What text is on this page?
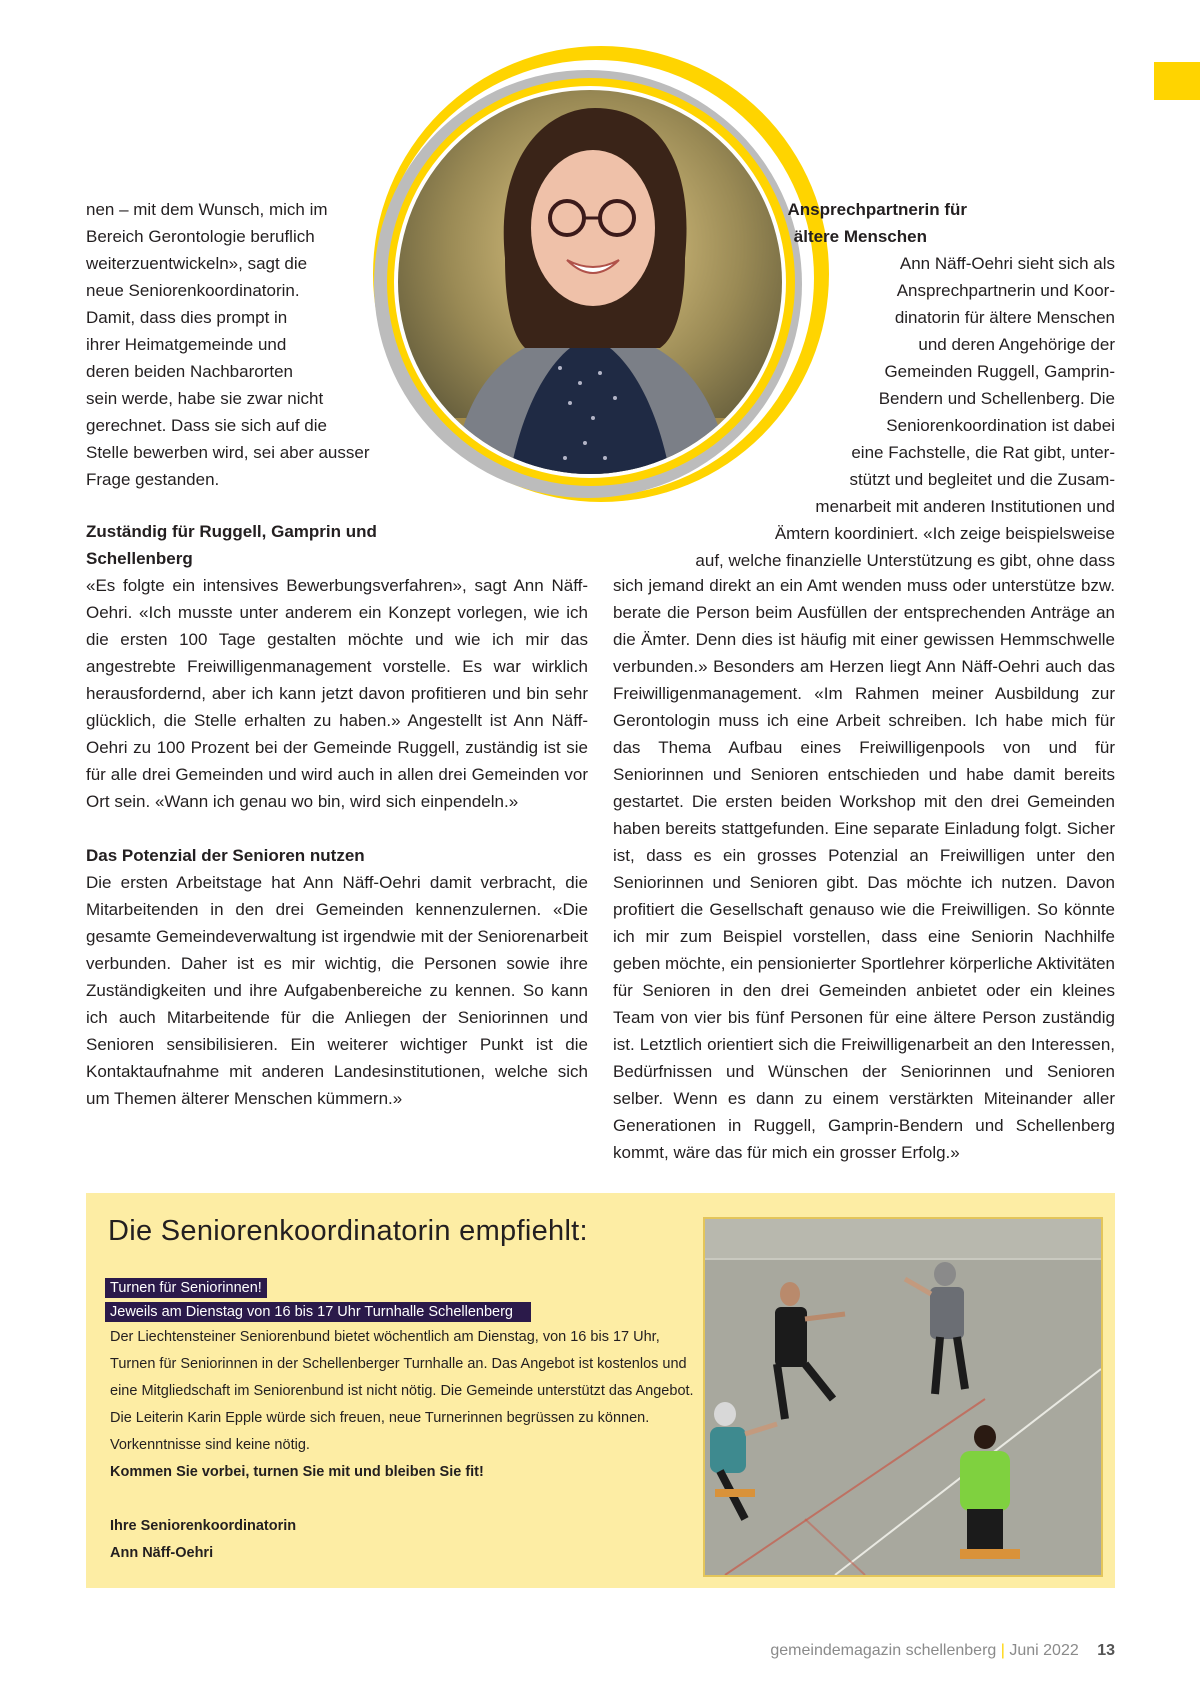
nen – mit dem Wunsch, mich im
Bereich Gerontologie beruflich
weiterzuentwickeln», sagt die
neue Seniorenkoordinatorin.
Damit, dass dies prompt in
ihrer Heimatgemeinde und
deren beiden Nachbarorten
sein werde, habe sie zwar nicht
gerechnet. Dass sie sich auf die
Stelle bewerben wird, sei aber ausser
Frage gestanden.

Zuständig für Ruggell, Gamprin und
Schellenberg

«Es folgte ein intensives Bewerbungsverfahren», sagt Ann Näff-Oehri. «Ich musste unter anderem ein Konzept vorlegen, wie ich die ersten 100 Tage gestalten möchte und wie ich mir das angestrebte Freiwilligenmanagement vorstelle. Es war wirklich herausfordernd, aber ich kann jetzt davon profitieren und bin sehr glücklich, die Stelle erhalten zu haben.» Angestellt ist Ann Näff-Oehri zu 100 Prozent bei der Gemeinde Ruggell, zuständig ist sie für alle drei Gemeinden und wird auch in allen drei Gemeinden vor Ort sein. «Wann ich genau wo bin, wird sich einpendeln.»

Das Potenzial der Senioren nutzen

Die ersten Arbeitstage hat Ann Näff-Oehri damit verbracht, die Mitarbeitenden in den drei Gemeinden kennenzulernen. «Die gesamte Gemeindeverwaltung ist irgendwie mit der Seniorenarbeit verbunden. Daher ist es mir wichtig, die Personen sowie ihre Zuständigkeiten und ihre Aufgabenbereiche zu kennen. So kann ich auch Mitarbeitende für die Anliegen der Seniorinnen und Senioren sensibilisieren. Ein weiterer wichtiger Punkt ist die Kontaktaufnahme mit anderen Landesinstitutionen, welche sich um Themen älterer Menschen kümmern.»

Ansprechpartnerin für
ältere Menschen
Ann Näff-Oehri sieht sich als
Ansprechpartnerin und Koor-
dinatorin für ältere Menschen
und deren Angehörige der
Gemeinden Ruggell, Gamprin-
Bendern und Schellenberg. Die
Seniorenkoordination ist dabei
eine Fachstelle, die Rat gibt, unter-
stützt und begleitet und die Zusam-
menarbeit mit anderen Institutionen und
Ämtern koordiniert. «Ich zeige beispielsweise
auf, welche finanzielle Unterstützung es gibt, ohne dass

sich jemand direkt an ein Amt wenden muss oder unterstütze bzw. berate die Person beim Ausfüllen der entsprechenden Anträge an die Ämter. Denn dies ist häufig mit einer gewissen Hemmschwelle verbunden.» Besonders am Herzen liegt Ann Näff-Oehri auch das Freiwilligenmanagement. «Im Rahmen meiner Ausbildung zur Gerontologin muss ich eine Arbeit schreiben. Ich habe mich für das Thema Aufbau eines Freiwilligenpools von und für Seniorinnen und Senioren entschieden und habe damit bereits gestartet. Die ersten beiden Workshop mit den drei Gemeinden haben bereits stattgefunden. Eine separate Einladung folgt. Sicher ist, dass es ein grosses Potenzial an Freiwilligen unter den Seniorinnen und Senioren gibt. Das möchte ich nutzen. Davon profitiert die Gesellschaft genauso wie die Freiwilligen. So könnte ich mir zum Beispiel vorstellen, dass eine Seniorin Nachhilfe geben möchte, ein pensionierter Sportlehrer körperliche Aktivitäten für Senioren in den drei Gemeinden anbietet oder ein kleines Team von vier bis fünf Personen für eine ältere Person zuständig ist. Letztlich orientiert sich die Freiwilligenarbeit an den Interessen, Bedürfnissen und Wünschen der Seniorinnen und Senioren selber. Wenn es dann zu einem verstärkten Miteinander aller Generationen in Ruggell, Gamprin-Bendern und Schellenberg kommt, wäre das für mich ein grosser Erfolg.»

Die Seniorenkoordinatorin empfiehlt:
Turnen für Seniorinnen!
Jeweils am Dienstag von 16 bis 17 Uhr Turnhalle Schellenberg

Der Liechtensteiner Seniorenbund bietet wöchentlich am Dienstag, von 16 bis 17 Uhr, Turnen für Seniorinnen in der Schellenberger Turnhalle an. Das Angebot ist kostenlos und eine Mitgliedschaft im Seniorenbund ist nicht nötig. Die Gemeinde unterstützt das Angebot. Die Leiterin Karin Epple würde sich freuen, neue Turnerinnen begrüssen zu können. Vorkenntnisse sind keine nötig.

Kommen Sie vorbei, turnen Sie mit und bleiben Sie fit!

Ihre Seniorenkoordinatorin

Ann Näff-Oehri

gemeindemagazin schellenberg | Juni 2022 13
